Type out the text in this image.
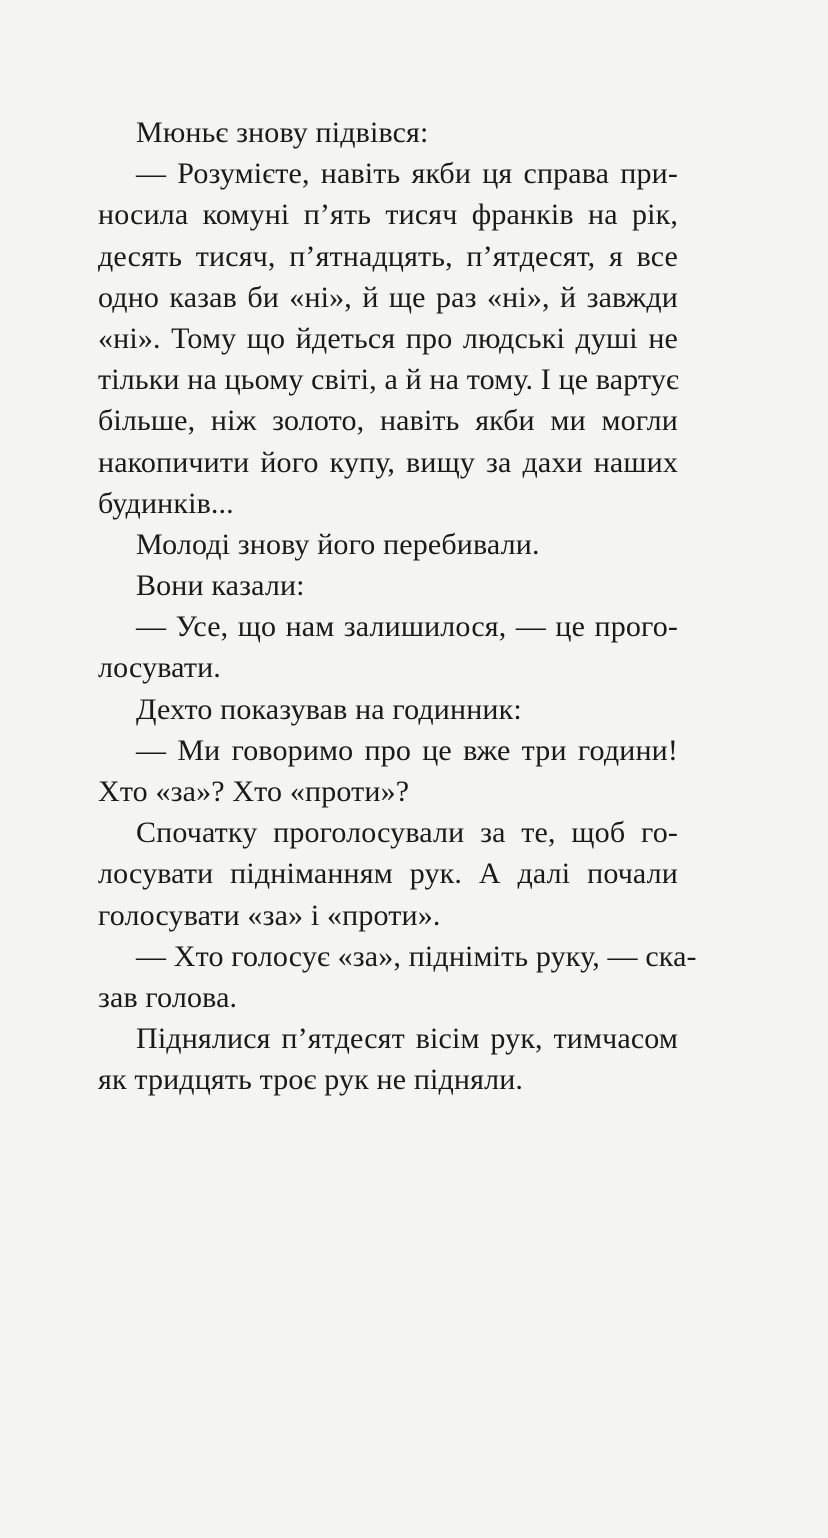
Мюньє знову підвівся:
— Розумієте, навіть якби ця справа при-
носила комуні п’ять тисяч франків на рік,
десять тисяч, п’ятнадцять, п’ятдесят, я все
одно казав би «ні», й ще раз «ні», й завжди
«ні». Тому що йдеться про людські душі не
тільки на цьому світі, а й на тому. І це вартує
більше, ніж золото, навіть якби ми могли
накопичити його купу, вищу за дахи наших
будинків...
Молоді знову його перебивали.
Вони казали:
— Усе, що нам залишилося, — це прого-
лосувати.
Дехто показував на годинник:
— Ми говоримо про це вже три години!
Хто «за»? Хто «проти»?
Спочатку проголосували за те, щоб го-
лосувати підніманням рук. А далі почали
голосувати «за» і «проти».
— Хто голосує «за», підніміть руку, — ска-
зав голова.
Піднялися п’ятдесят вісім рук, тимчасом
як тридцять троє рук не підняли.
